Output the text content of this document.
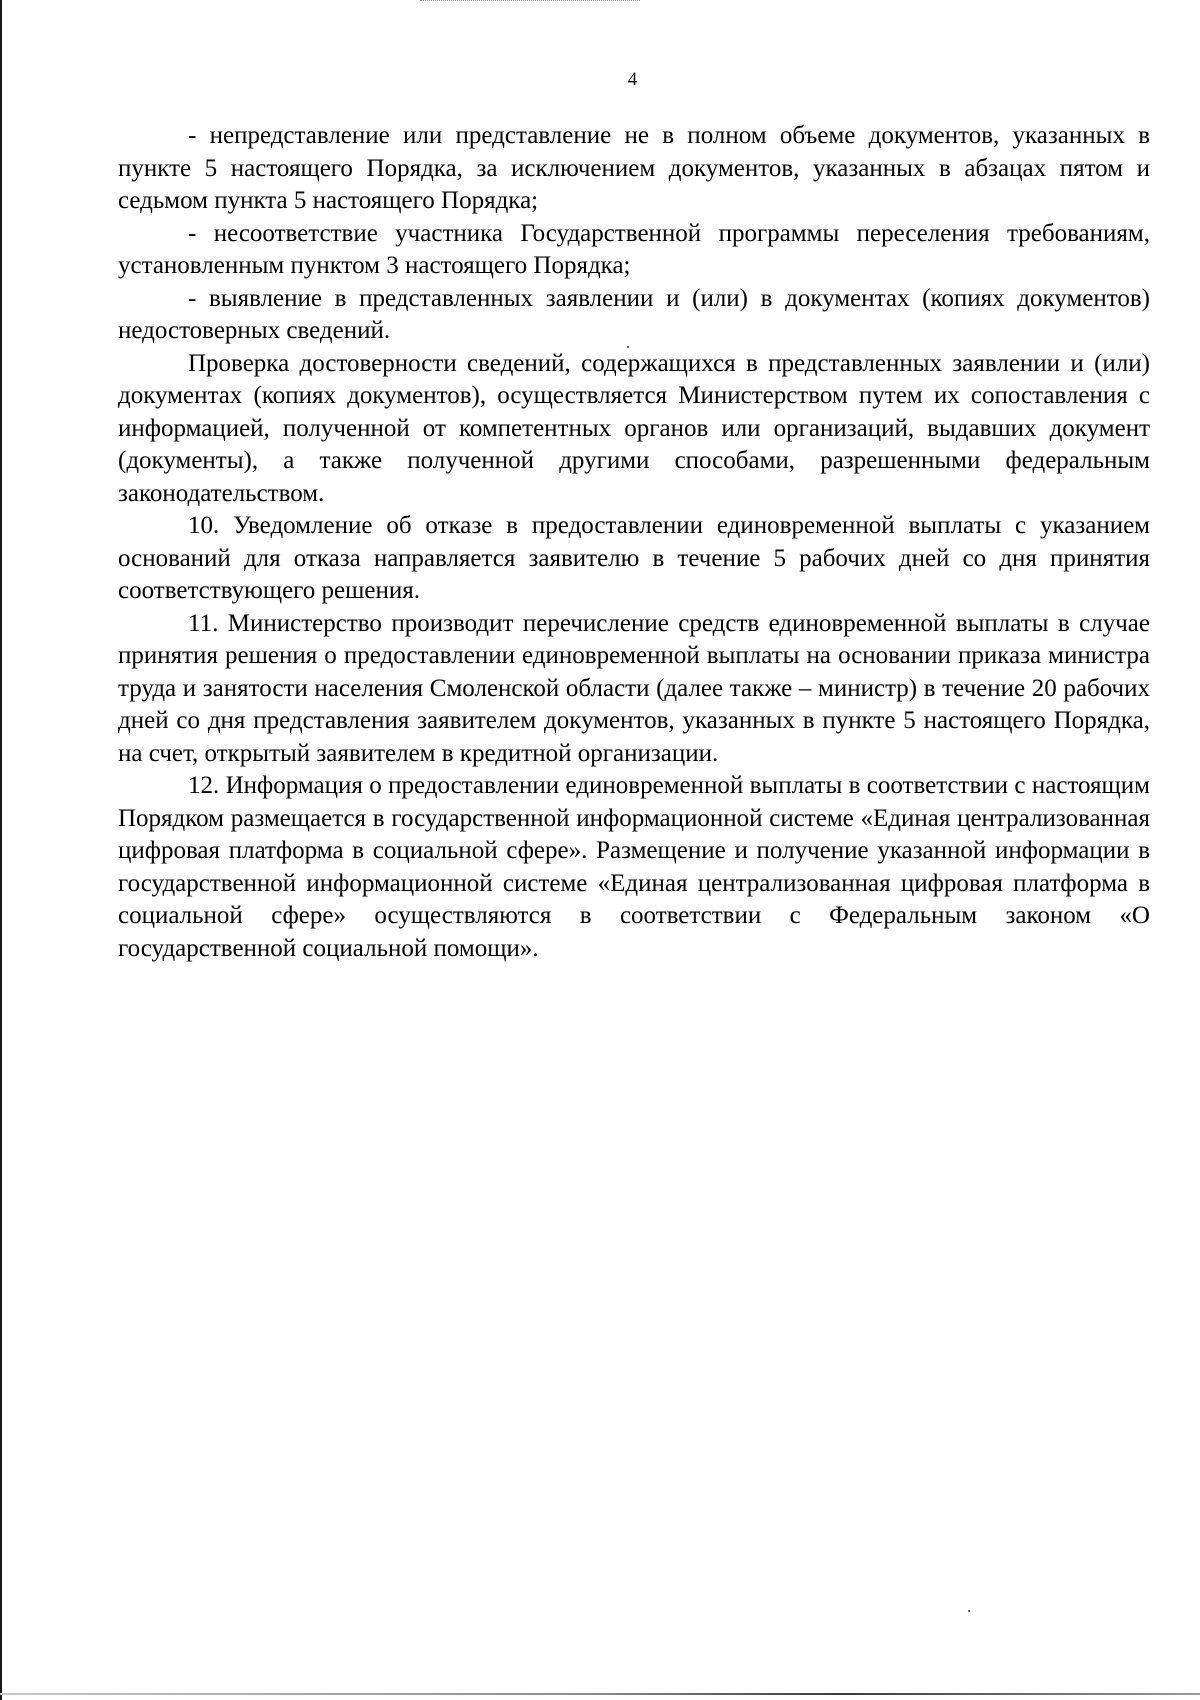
4

- непредставление или представление не в полном объеме документов, указанных в пункте 5 настоящего Порядка, за исключением документов, указанных в абзацах пятом и седьмом пункта 5 настоящего Порядка;

- несоответствие участника Государственной программы переселения требованиям, установленным пунктом 3 настоящего Порядка;

- выявление в представленных заявлении и (или) в документах (копиях документов) недостоверных сведений.

Проверка достоверности сведений, содержащихся в представленных заявлении и (или) документах (копиях документов), осуществляется Министерством путем их сопоставления с информацией, полученной от компетентных органов или организаций, выдавших документ (документы), а также полученной другими способами, разрешенными федеральным законодательством.

10. Уведомление об отказе в предоставлении единовременной выплаты с указанием оснований для отказа направляется заявителю в течение 5 рабочих дней со дня принятия соответствующего решения.

11. Министерство производит перечисление средств единовременной выплаты в случае принятия решения о предоставлении единовременной выплаты на основании приказа министра труда и занятости населения Смоленской области (далее также – министр) в течение 20 рабочих дней со дня представления заявителем документов, указанных в пункте 5 настоящего Порядка, на счет, открытый заявителем в кредитной организации.

12. Информация о предоставлении единовременной выплаты в соответствии с настоящим Порядком размещается в государственной информационной системе «Единая централизованная цифровая платформа в социальной сфере». Размещение и получение указанной информации в государственной информационной системе «Единая централизованная цифровая платформа в социальной сфере» осуществляются в соответствии с Федеральным законом «О государственной социальной помощи».
